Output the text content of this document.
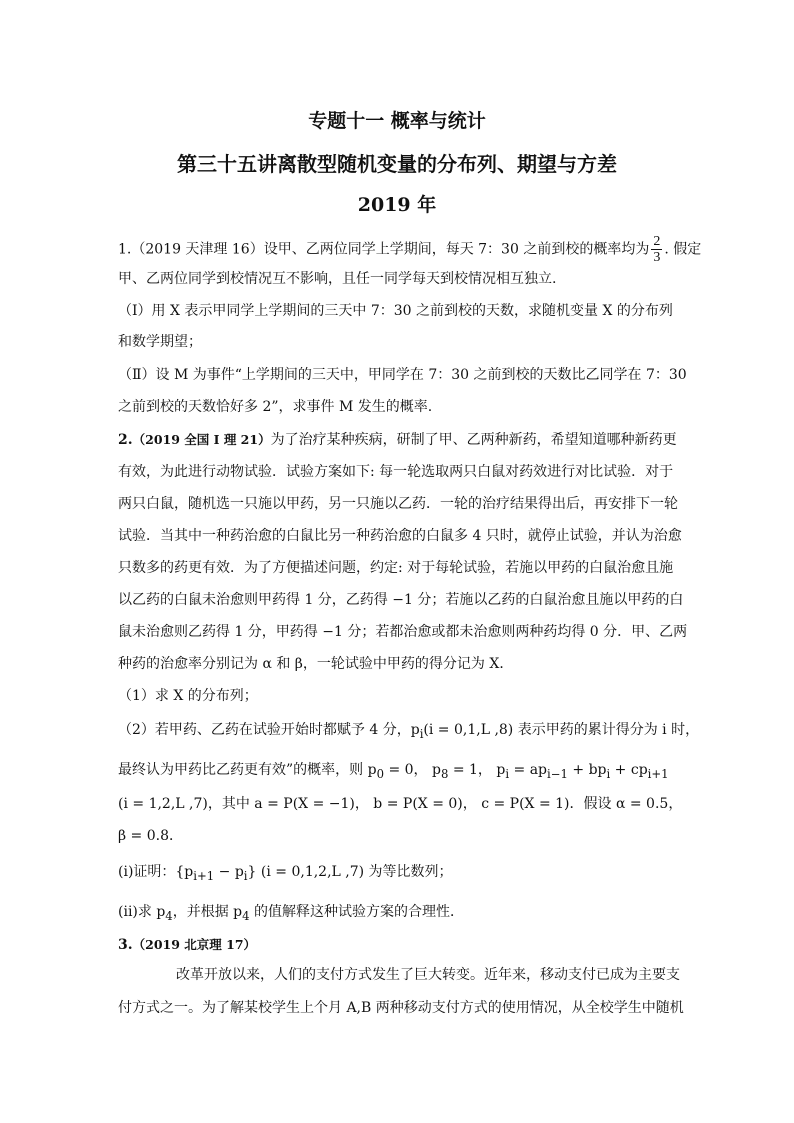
专题十一 概率与统计
第三十五讲离散型随机变量的分布列、期望与方差
2019 年
1.（2019 天津理 16）设甲、乙两位同学上学期间，每天 7：30 之前到校的概率均为 $\frac{2}{3}$ . 假定
甲、乙两位同学到校情况互不影响，且任一同学每天到校情况相互独立.
（Ⅰ）用 X 表示甲同学上学期间的三天中 7：30 之前到校的天数，求随机变量 X 的分布列
和数学期望；
（Ⅱ）设 M 为事件“上学期间的三天中，甲同学在 7：30 之前到校的天数比乙同学在 7：30
之前到校的天数恰好多 2”，求事件 M 发生的概率.
2.（2019 全国 I 理 21）为了治疗某种疾病，研制了甲、乙两种新药，希望知道哪种新药更
有效，为此进行动物试验．试验方案如下: 每一轮选取两只白鼠对药效进行对比试验．对于
两只白鼠，随机选一只施以甲药，另一只施以乙药．一轮的治疗结果得出后，再安排下一轮
试验．当其中一种药治愈的白鼠比另一种药治愈的白鼠多 4 只时，就停止试验，并认为治愈
只数多的药更有效．为了方便描述问题，约定: 对于每轮试验，若施以甲药的白鼠治愈且施
以乙药的白鼠未治愈则甲药得 1 分，乙药得 −1 分；若施以乙药的白鼠治愈且施以甲药的白
鼠未治愈则乙药得 1 分，甲药得 −1 分；若都治愈或都未治愈则两种药均得 0 分．甲、乙两
种药的治愈率分别记为 α 和 β，一轮试验中甲药的得分记为 X．
（1）求 X 的分布列；
（2）若甲药、乙药在试验开始时都赋予 4 分，$p_i(i = 0,1,L$ ,8) 表示甲药的累计得分为 i 时，
最终认为甲药比乙药更有效”的概率，则 $p_0 = 0$， $p_8 = 1$， $p_i = ap_{i-1} + bp_i + cp_{i+1}$
(i = 1,2,L ,7)，其中 a = P(X = −1)， b = P(X = 0)， c = P(X = 1)．假设 α = 0.5，
β = 0.8．
(i)证明：$\{p_{i+1} - p_i\} (i = 0,1,2,L$ ,7) 为等比数列；
(ii)求 $p_4$，并根据 $p_4$ 的值解释这种试验方案的合理性．
3.（2019 北京理 17）
改革开放以来，人们的支付方式发生了巨大转变。近年来，移动支付已成为主要支
付方式之一。为了解某校学生上个月 A,B 两种移动支付方式的使用情况，从全校学生中随机
